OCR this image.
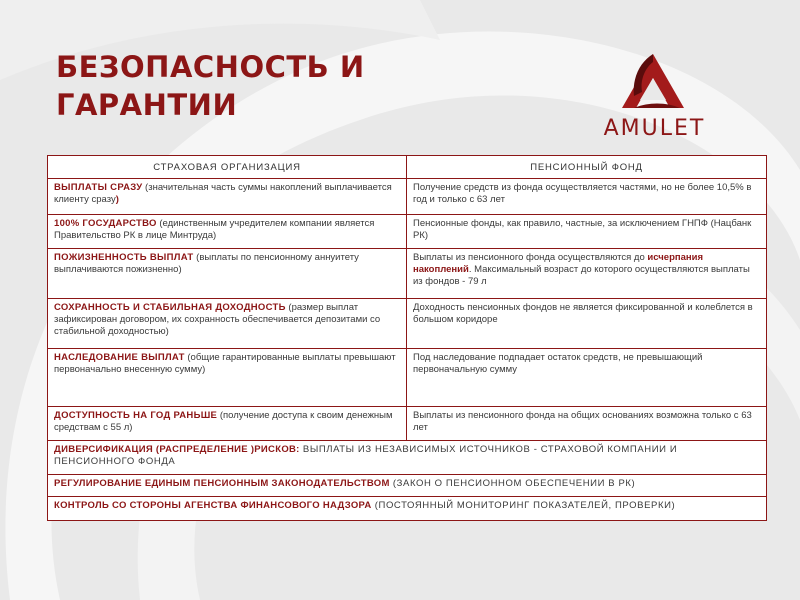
БЕЗОПАСНОСТЬ И
ГАРАНТИИ
AMULET
СТРАХОВАЯ ОРГАНИЗАЦИЯ	ПЕНСИОННЫЙ ФОНД
ВЫПЛАТЫ СРАЗУ (значительная часть суммы накоплений выплачивается клиенту сразу)	Получение средств из фонда осуществляется частями, но не более 10,5% в год и только с 63 лет
100% ГОСУДАРСТВО (единственным учредителем компании является Правительство РК в лице Минтруда)	Пенсионные фонды, как правило, частные, за исключением ГНПФ (Нацбанк РК)
ПОЖИЗНЕННОСТЬ ВЫПЛАТ (выплаты по пенсионному аннуитету выплачиваются пожизненно)	Выплаты из пенсионного фонда осуществляются до исчерпания накоплений. Максимальный возраст до которого осуществляются выплаты из фондов - 79 л
СОХРАННОСТЬ И СТАБИЛЬНАЯ ДОХОДНОСТЬ (размер выплат зафиксирован договором, их сохранность обеспечивается депозитами со стабильной доходностью)	Доходность пенсионных фондов не является фиксированной и колеблется в большом коридоре
НАСЛЕДОВАНИЕ ВЫПЛАТ (общие гарантированные выплаты превышают первоначально внесенную сумму)	Под наследование подпадает остаток средств, не превышающий первоначальную сумму
ДОСТУПНОСТЬ НА ГОД РАНЬШЕ (получение доступа к своим денежным средствам с 55 л)	Выплаты из пенсионного фонда на общих основаниях возможна только с 63 лет
ДИВЕРСИФИКАЦИЯ (РАСПРЕДЕЛЕНИЕ )РИСКОВ: ВЫПЛАТЫ ИЗ НЕЗАВИСИМЫХ ИСТОЧНИКОВ - СТРАХОВОЙ КОМПАНИИ И ПЕНСИОННОГО ФОНДА	
РЕГУЛИРОВАНИЕ ЕДИНЫМ ПЕНСИОННЫМ ЗАКОНОДАТЕЛЬСТВОМ (ЗАКОН О ПЕНСИОННОМ ОБЕСПЕЧЕНИИ В РК)	
КОНТРОЛЬ СО СТОРОНЫ АГЕНСТВА ФИНАНСОВОГО НАДЗОРА (ПОСТОЯННЫЙ МОНИТОРИНГ ПОКАЗАТЕЛЕЙ, ПРОВЕРКИ)	
